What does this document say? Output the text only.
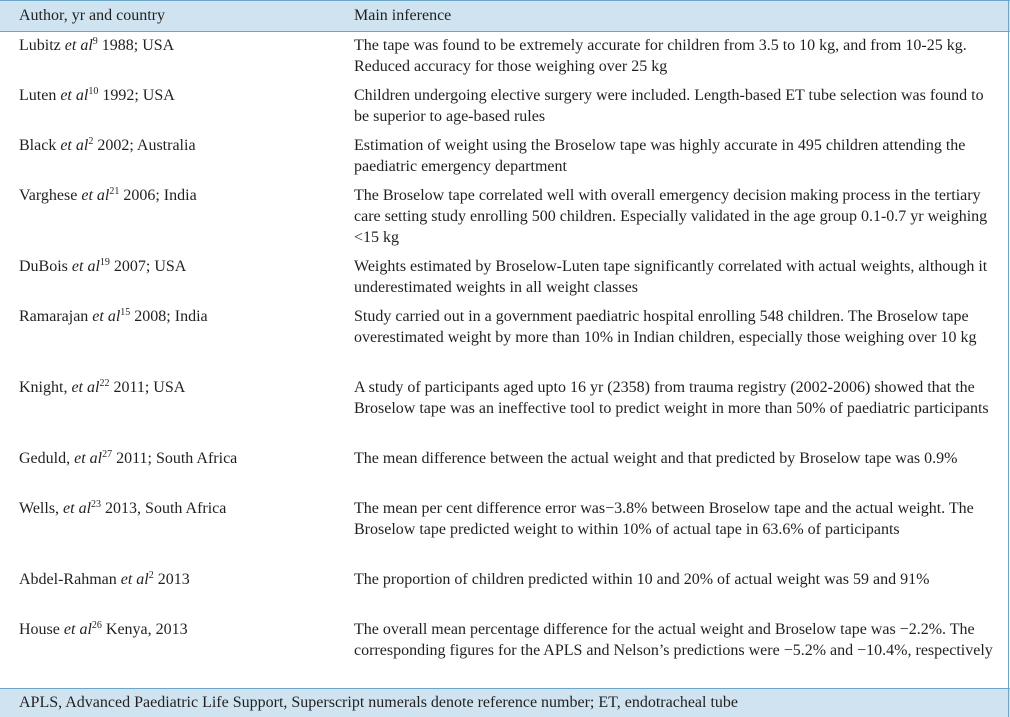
Author, yr and country	Main inference
Lubitz et $al^9$ 1988; USA	The tape was found to be extremely accurate for children from 3.5 to 10 kg, and from 10-25 kg. Reduced accuracy for those weighing over 25 kg
Luten et $al^{10}$ 1992; USA	Children undergoing elective surgery were included. Length-based ET tube selection was found to be superior to age-based rules
Black et $al^2$ 2002; Australia	Estimation of weight using the Broselow tape was highly accurate in 495 children attending the paediatric emergency department
Varghese et $al^{21}$ 2006; India	The Broselow tape correlated well with overall emergency decision making process in the tertiary care setting study enrolling 500 children. Especially validated in the age group 0.1-0.7 yr weighing <15 kg
DuBois et $al^{19}$ 2007; USA	Weights estimated by Broselow-Luten tape significantly correlated with actual weights, although it underestimated weights in all weight classes
Ramarajan et $al^{15}$ 2008; India	Study carried out in a government paediatric hospital enrolling 548 children. The Broselow tape overestimated weight by more than 10% in Indian children, especially those weighing over 10 kg
Knight, et $al^{22}$ 2011; USA	A study of participants aged upto 16 yr (2358) from trauma registry (2002-2006) showed that the Broselow tape was an ineffective tool to predict weight in more than 50% of paediatric participants
Geduld, et $al^{27}$ 2011; South Africa	The mean difference between the actual weight and that predicted by Broselow tape was 0.9%
Wells, et $al^{23}$ 2013, South Africa	The mean per cent difference error was−3.8% between Broselow tape and the actual weight. The Broselow tape predicted weight to within 10% of actual tape in 63.6% of participants
Abdel-Rahman et $al^2$ 2013	The proportion of children predicted within 10 and 20% of actual weight was 59 and 91%
House et $al^{26}$ Kenya, 2013	The overall mean percentage difference for the actual weight and Broselow tape was −2.2%. The corresponding figures for the APLS and Nelson’s predictions were −5.2% and −10.4%, respectively
APLS, Advanced Paediatric Life Support, Superscript numerals denote reference number; ET, endotracheal tube
